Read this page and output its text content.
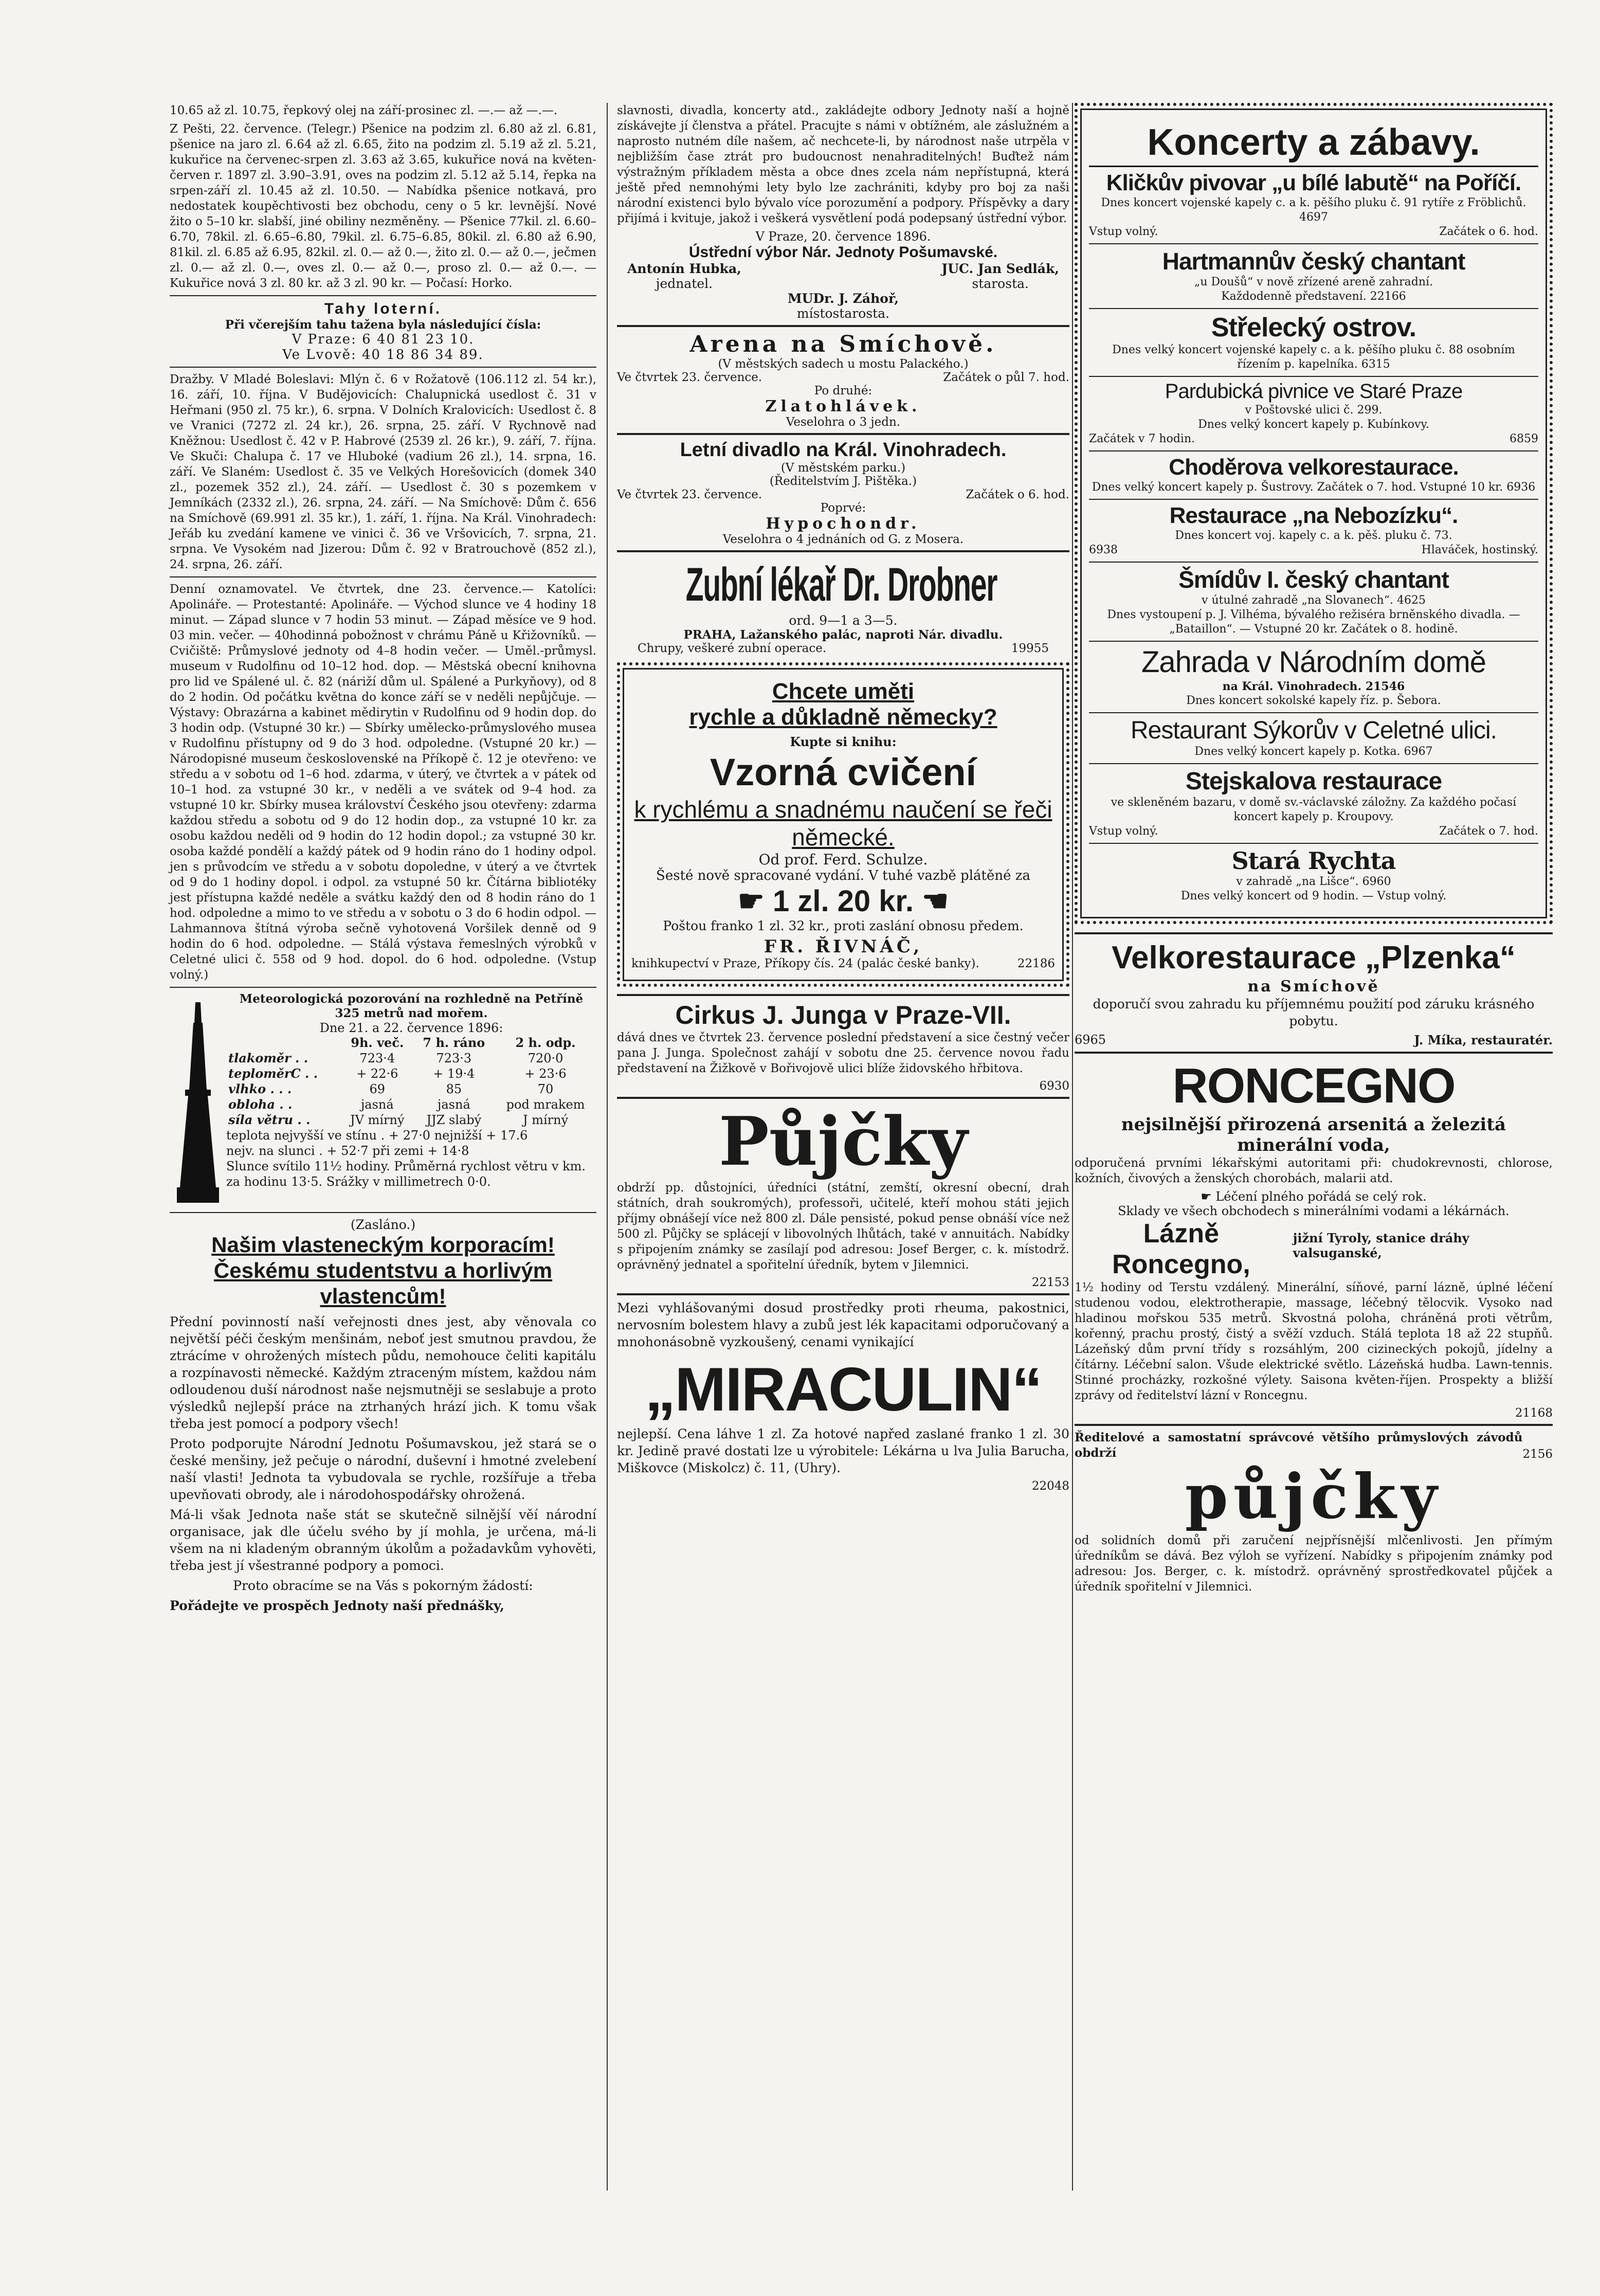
10.65 až zl. 10.75, řepkový olej na září-prosinec zl. —.— až —.—.

Z Pešti, 22. července. (Telegr.) Pšenice na podzim zl. 6.80 až zl. 6.81, pšenice na jaro zl. 6.64 až zl. 6.65, žito na podzim zl. 5.19 až zl. 5.21, kukuřice na červenec-srpen zl. 3.63 až 3.65, kukuřice nová na květen-červen r. 1897 zl. 3.90–3.91, oves na podzim zl. 5.12 až 5.14, řepka na srpen-září zl. 10.45 až zl. 10.50. — Nabídka pšenice notkavá, pro nedostatek koupěchtivosti bez obchodu, ceny o 5 kr. levnější. Nové žito o 5–10 kr. slabší, jiné obiliny nezměněny. — Pšenice 77kil. zl. 6.60–6.70, 78kil. zl. 6.65–6.80, 79kil. zl. 6.75–6.85, 80kil. zl. 6.80 až 6.90, 81kil. zl. 6.85 až 6.95, 82kil. zl. 0.— až 0.—, žito zl. 0.— až 0.—, ječmen zl. 0.— až zl. 0.—, oves zl. 0.— až 0.—, proso zl. 0.— až 0.—. — Kukuřice nová 3 zl. 80 kr. až 3 zl. 90 kr. — Počasí: Horko.

Tahy loterní.
Při včerejším tahu tažena byla následující čísla:
V Praze: 6 40 81 23 10.
Ve Lvově: 40 18 86 34 89.

Dražby. V Mladé Boleslavi: Mlýn č. 6 v Rožatově (106.112 zl. 54 kr.), 16. září, 10. října. V Budějovicích: Chalupnická usedlost č. 31 v Heřmani (950 zl. 75 kr.), 6. srpna. V Dolních Kralovicích: Usedlost č. 8 ve Vranici (7272 zl. 24 kr.), 26. srpna, 25. září. V Rychnově nad Kněžnou: Usedlost č. 42 v P. Habrové (2539 zl. 26 kr.), 9. září, 7. října. Ve Skuči: Chalupa č. 17 ve Hluboké (vadium 26 zl.), 14. srpna, 16. září. Ve Slaném: Usedlost č. 35 ve Velkých Horešovicích (domek 340 zl., pozemek 352 zl.), 24. září. — Usedlost č. 30 s pozemkem v Jemníkách (2332 zl.), 26. srpna, 24. září. — Na Smíchově: Dům č. 656 na Smíchově (69.991 zl. 35 kr.), 1. září, 1. října. Na Král. Vinohradech: Jeřáb ku zvedání kamene ve vinici č. 36 ve Vršovicích, 7. srpna, 21. srpna. Ve Vysokém nad Jizerou: Dům č. 92 v Bratrouchově (852 zl.), 24. srpna, 26. září.

Denní oznamovatel. Ve čtvrtek, dne 23. července.— Katolíci: Apolináře. — Protestanté: Apolináře. — Východ slunce ve 4 hodiny 18 minut. — Západ slunce v 7 hodin 53 minut. — Západ měsíce ve 9 hod. 03 min. večer. — 40hodinná pobožnost v chrámu Páně u Křižovníků. — Cvičiště: Průmyslové jednoty od 4–8 hodin večer. — Uměl.-průmysl. museum v Rudolfinu od 10–12 hod. dop. — Městská obecní knihovna pro lid ve Spálené ul. č. 82 (náriží dům ul. Spálené a Purkyňovy), od 8 do 2 hodin. Od počátku května do konce září se v neděli nepůjčuje. — Výstavy: Obrazárna a kabinet mědirytin v Rudolfinu od 9 hodin dop. do 3 hodin odp. (Vstupné 30 kr.) — Sbírky umělecko-průmyslového musea v Rudolfinu přístupny od 9 do 3 hod. odpoledne. (Vstupné 20 kr.) — Národopisné museum československé na Příkopě č. 12 je otevřeno: ve středu a v sobotu od 1–6 hod. zdarma, v úterý, ve čtvrtek a v pátek od 10–1 hod. za vstupné 30 kr., v neděli a ve svátek od 9–4 hod. za vstupné 10 kr. Sbírky musea království Českého jsou otevřeny: zdarma každou středu a sobotu od 9 do 12 hodin dop., za vstupné 10 kr. za osobu každou neděli od 9 hodin do 12 hodin dopol.; za vstupné 30 kr. osoba každé pondělí a každý pátek od 9 hodin ráno do 1 hodiny odpol. jen s průvodcím ve středu a v sobotu dopoledne, v úterý a ve čtvrtek od 9 do 1 hodiny dopol. i odpol. za vstupné 50 kr. Čítárna bibliotéky jest přístupna každé neděle a svátku každý den od 8 hodin ráno do 1 hod. odpoledne a mimo to ve středu a v sobotu o 3 do 6 hodin odpol. — Lahmannova štítná výroba sečně vyhotovená Voršilek denně od 9 hodin do 6 hod. odpoledne. — Stálá výstava řemeslných výrobků v Celetné ulici č. 558 od 9 hod. dopol. do 6 hod. odpoledne. (Vstup volný.)

Meteorologická pozorování na rozhledně na Petříně 325 metrů nad mořem.
Dne 21. a 22. července 1896:
	9h. več.	7 h. ráno	2 h. odp.
tlakoměr . .	723·4	723·3	720·0
teploměrC . .	+ 22·6	+ 19·4	+ 23·6
vlhko . . .	69	85	70
obloha . .	jasná	jasná	pod mrakem
síla větru . .	JV mírný	JJZ slabý	J mírný
teplota nejvyšší ve stínu . + 27·0 nejnižší + 17.6
nejv. na slunci . + 52·7 při zemi + 14·8
Slunce svítilo 11½ hodiny. Průměrná rychlost větru v km. za hodinu 13·5. Srážky v millimetrech 0·0.
(Zasláno.)
Našim vlasteneckým korporacím!
Českému studentstvu a horlivým vlastencům!

Přední povinností naší veřejnosti dnes jest, aby věnovala co největší péči českým menšinám, neboť jest smutnou pravdou, že ztrácíme v ohrožených místech půdu, nemohouce čeliti kapitálu a rozpínavosti německé. Každým ztraceným místem, každou nám odloudenou duší národnost naše nejsmutněji se seslabuje a proto výsledků nejlepší práce na ztrhaných hrází jich. K tomu však třeba jest pomocí a podpory všech!

Proto podporujte Národní Jednotu Pošumavskou, jež stará se o české menšiny, jež pečuje o národní, duševní i hmotné zvelebení naší vlasti! Jednota ta vybudovala se rychle, rozšířuje a třeba upevňovati obrody, ale i národohospodářsky ohrožená.

Má-li však Jednota naše stát se skutečně silnější věí národní organisace, jak dle účelu svého by jí mohla, je určena, má-li všem na ni kladeným obranným úkolům a požadavkům vyhověti, třeba jest jí všestranné podpory a pomoci.

Proto obracíme se na Vás s pokorným žádostí:

Pořádejte ve prospěch Jednoty naší přednášky,

slavnosti, divadla, koncerty atd., zakládejte odbory Jednoty naší a hojně získávejte jí členstva a přátel. Pracujte s námi v obtížném, ale záslužném a naprosto nutném díle našem, ač nechcete-li, by národnost naše utrpěla v nejbližším čase ztrát pro budoucnost nenahraditelných! Buďtež nám výstražným příkladem města a obce dnes zcela nám nepřístupná, která ještě před nemnohými lety bylo lze zachrániti, kdyby pro boj za naši národní existenci bylo bývalo více porozumění a podpory. Příspěvky a dary přijímá i kvituje, jakož i veškerá vysvětlení podá podepsaný ústřední výbor.

V Praze, 20. července 1896.
Ústřední výbor Nár. Jednoty Pošumavské.
Antonín Hubka,
jednatel.
JUC. Jan Sedlák,
starosta.
MUDr. J. Záhoř,
místostarosta.
Arena na Smíchově.
(V městských sadech u mostu Palackého.)
Ve čtvrtek 23. července.	Začátek o půl 7. hod.
Po druhé:
Zlatohlávek.
Veselohra o 3 jedn.
Letní divadlo na Král. Vinohradech.
(V městském parku.)
(Ředitelstvím J. Pištěka.)
Ve čtvrtek 23. července.	Začátek o 6. hod.
Poprvé:
Hypochondr.
Veselohra o 4 jednáních od G. z Mosera.
Zubní lékař Dr. Drobner
ord. 9—1 a 3—5.
PRAHA, Lažanského palác, naproti Nár. divadlu.
Chrupy, veškeré zubní operace.	19955
Chcete uměti
rychle a důkladně německy?
Kupte si knihu:
Vzorná cvičení
k rychlému a snadnému naučení se řeči německé.
Od prof. Ferd. Schulze.
Šesté nově spracované vydání. V tuhé vazbě plátěné za
☛ 1 zl. 20 kr. ☚
Poštou franko 1 zl. 32 kr., proti zaslání obnosu předem.
FR. ŘIVNÁČ,
knihkupectví v Praze, Příkopy čís. 24 (palác české banky).	22186
Cirkus J. Junga v Praze-VII.

dává dnes ve čtvrtek 23. července poslední představení a sice čestný večer pana J. Junga. Společnost zahájí v sobotu dne 25. července novou řadu představení na Žižkově v Bořivojově ulici blíže židovského hřbitova.

6930
Půjčky

obdrží pp. důstojníci, úředníci (státní, zemští, okresní obecní, drah státních, drah soukromých), professoři, učitelé, kteří mohou státi jejich příjmy obnášejí více než 800 zl. Dále pensisté, pokud pense obnáší více než 500 zl. Půjčky se splácejí v libovolných lhůtách, také v annuitách. Nabídky s připojením známky se zasílají pod adresou: Josef Berger, c. k. místodrž. oprávněný jednatel a spořitelní úředník, bytem v Jilemnici.

22153

Mezi vyhlášovanými dosud prostředky proti rheuma, pakostnici, nervosním bolestem hlavy a zubů jest lék kapacitami odporučovaný a mnohonásobně vyzkoušený, cenami vynikající

„MIRACULIN“

nejlepší. Cena láhve 1 zl. Za hotové napřed zaslané franko 1 zl. 30 kr. Jedině pravé dostati lze u výrobitele: Lékárna u lva Julia Barucha, Miškovce (Miskolcz) č. 11, (Uhry).

22048
Koncerty a zábavy.
Kličkův pivovar „u bílé labutě“ na Poříčí.
Dnes koncert vojenské kapely c. a k. pěšího pluku č. 91 rytíře z Fröblichů. 4697
Vstup volný.	Začátek o 6. hod.
Hartmannův český chantant
„u Doušů“ v nově zřízené areně zahradní.
Každodenně představení. 22166
Střelecký ostrov.
Dnes velký koncert vojenské kapely c. a k. pěšího pluku č. 88 osobním řízením p. kapelníka. 6315
Pardubická pivnice ve Staré Praze
v Poštovské ulici č. 299.
Dnes velký koncert kapely p. Kubínkovy.
Začátek v 7 hodin.	6859
Choděrova velkorestaurace.
Dnes velký koncert kapely p. Šustrovy. Začátek o 7. hod. Vstupné 10 kr. 6936
Restaurace „na Nebozízku“.
Dnes koncert voj. kapely c. a k. pěš. pluku č. 73.
6938	Hlaváček, hostinský.
Šmídův I. český chantant
v útulné zahradě „na Slovanech“. 4625
Dnes vystoupení p. J. Vilhéma, bývalého režiséra brněnského divadla. — „Bataillon“. — Vstupné 20 kr. Začátek o 8. hodině.
Zahrada v Národním domě
na Král. Vinohradech. 21546
Dnes koncert sokolské kapely říz. p. Šebora.
Restaurant Sýkorův v Celetné ulici.
Dnes velký koncert kapely p. Kotka. 6967
Stejskalova restaurace
ve skleněném bazaru, v domě sv.-václavské záložny. Za každého počasí koncert kapely p. Kroupovy.
Vstup volný.	Začátek o 7. hod.
Stará Rychta
v zahradě „na Lišce“. 6960
Dnes velký koncert od 9 hodin. — Vstup volný.
Velkorestaurace „Plzenka“
na Smíchově

doporučí svou zahradu ku příjemnému použití pod záruku krásného pobytu.

6965	J. Míka, restauratér.
RONCEGNO
nejsilnější přirozená arsenitá a železitá minerální voda,

odporučená prvními lékařskými autoritami při: chudokrevnosti, chlorose, kožních, čivových a ženských chorobách, malarii atd.

☛ Léčení plného pořádá se celý rok.
Sklady ve všech obchodech s minerálními vodami a lékárnách.
Lázně Roncegno,
jižní Tyroly, stanice dráhy valsuganské,

1½ hodiny od Terstu vzdálený. Minerální, síňové, parní lázně, úplné léčení studenou vodou, elektrotherapie, massage, léčebný tělocvik. Vysoko nad hladinou mořskou 535 metrů. Skvostná poloha, chráněná proti větrům, kořenný, prachu prostý, čistý a svěží vzduch. Stálá teplota 18 až 22 stupňů. Lázeňský dům první třídy s rozsáhlým, 200 cizineckých pokojů, jídelny a čítárny. Léčební salon. Všude elektrické světlo. Lázeňská hudba. Lawn-tennis. Stinné procházky, rozkošné výlety. Saisona květen-říjen. Prospekty a bližší zprávy od ředitelství lázní v Roncegnu.

21168

Ředitelové a samostatní správcové většího průmyslových závodů obdrží	2156
půjčky

od solidních domů při zaručení nejpřísnější mlčenlivosti. Jen přímým úředníkům se dává. Bez výloh se vyřízení. Nabídky s připojením známky pod adresou: Jos. Berger, c. k. místodrž. oprávněný sprostředkovatel půjček a úředník spořitelní v Jilemnici.
